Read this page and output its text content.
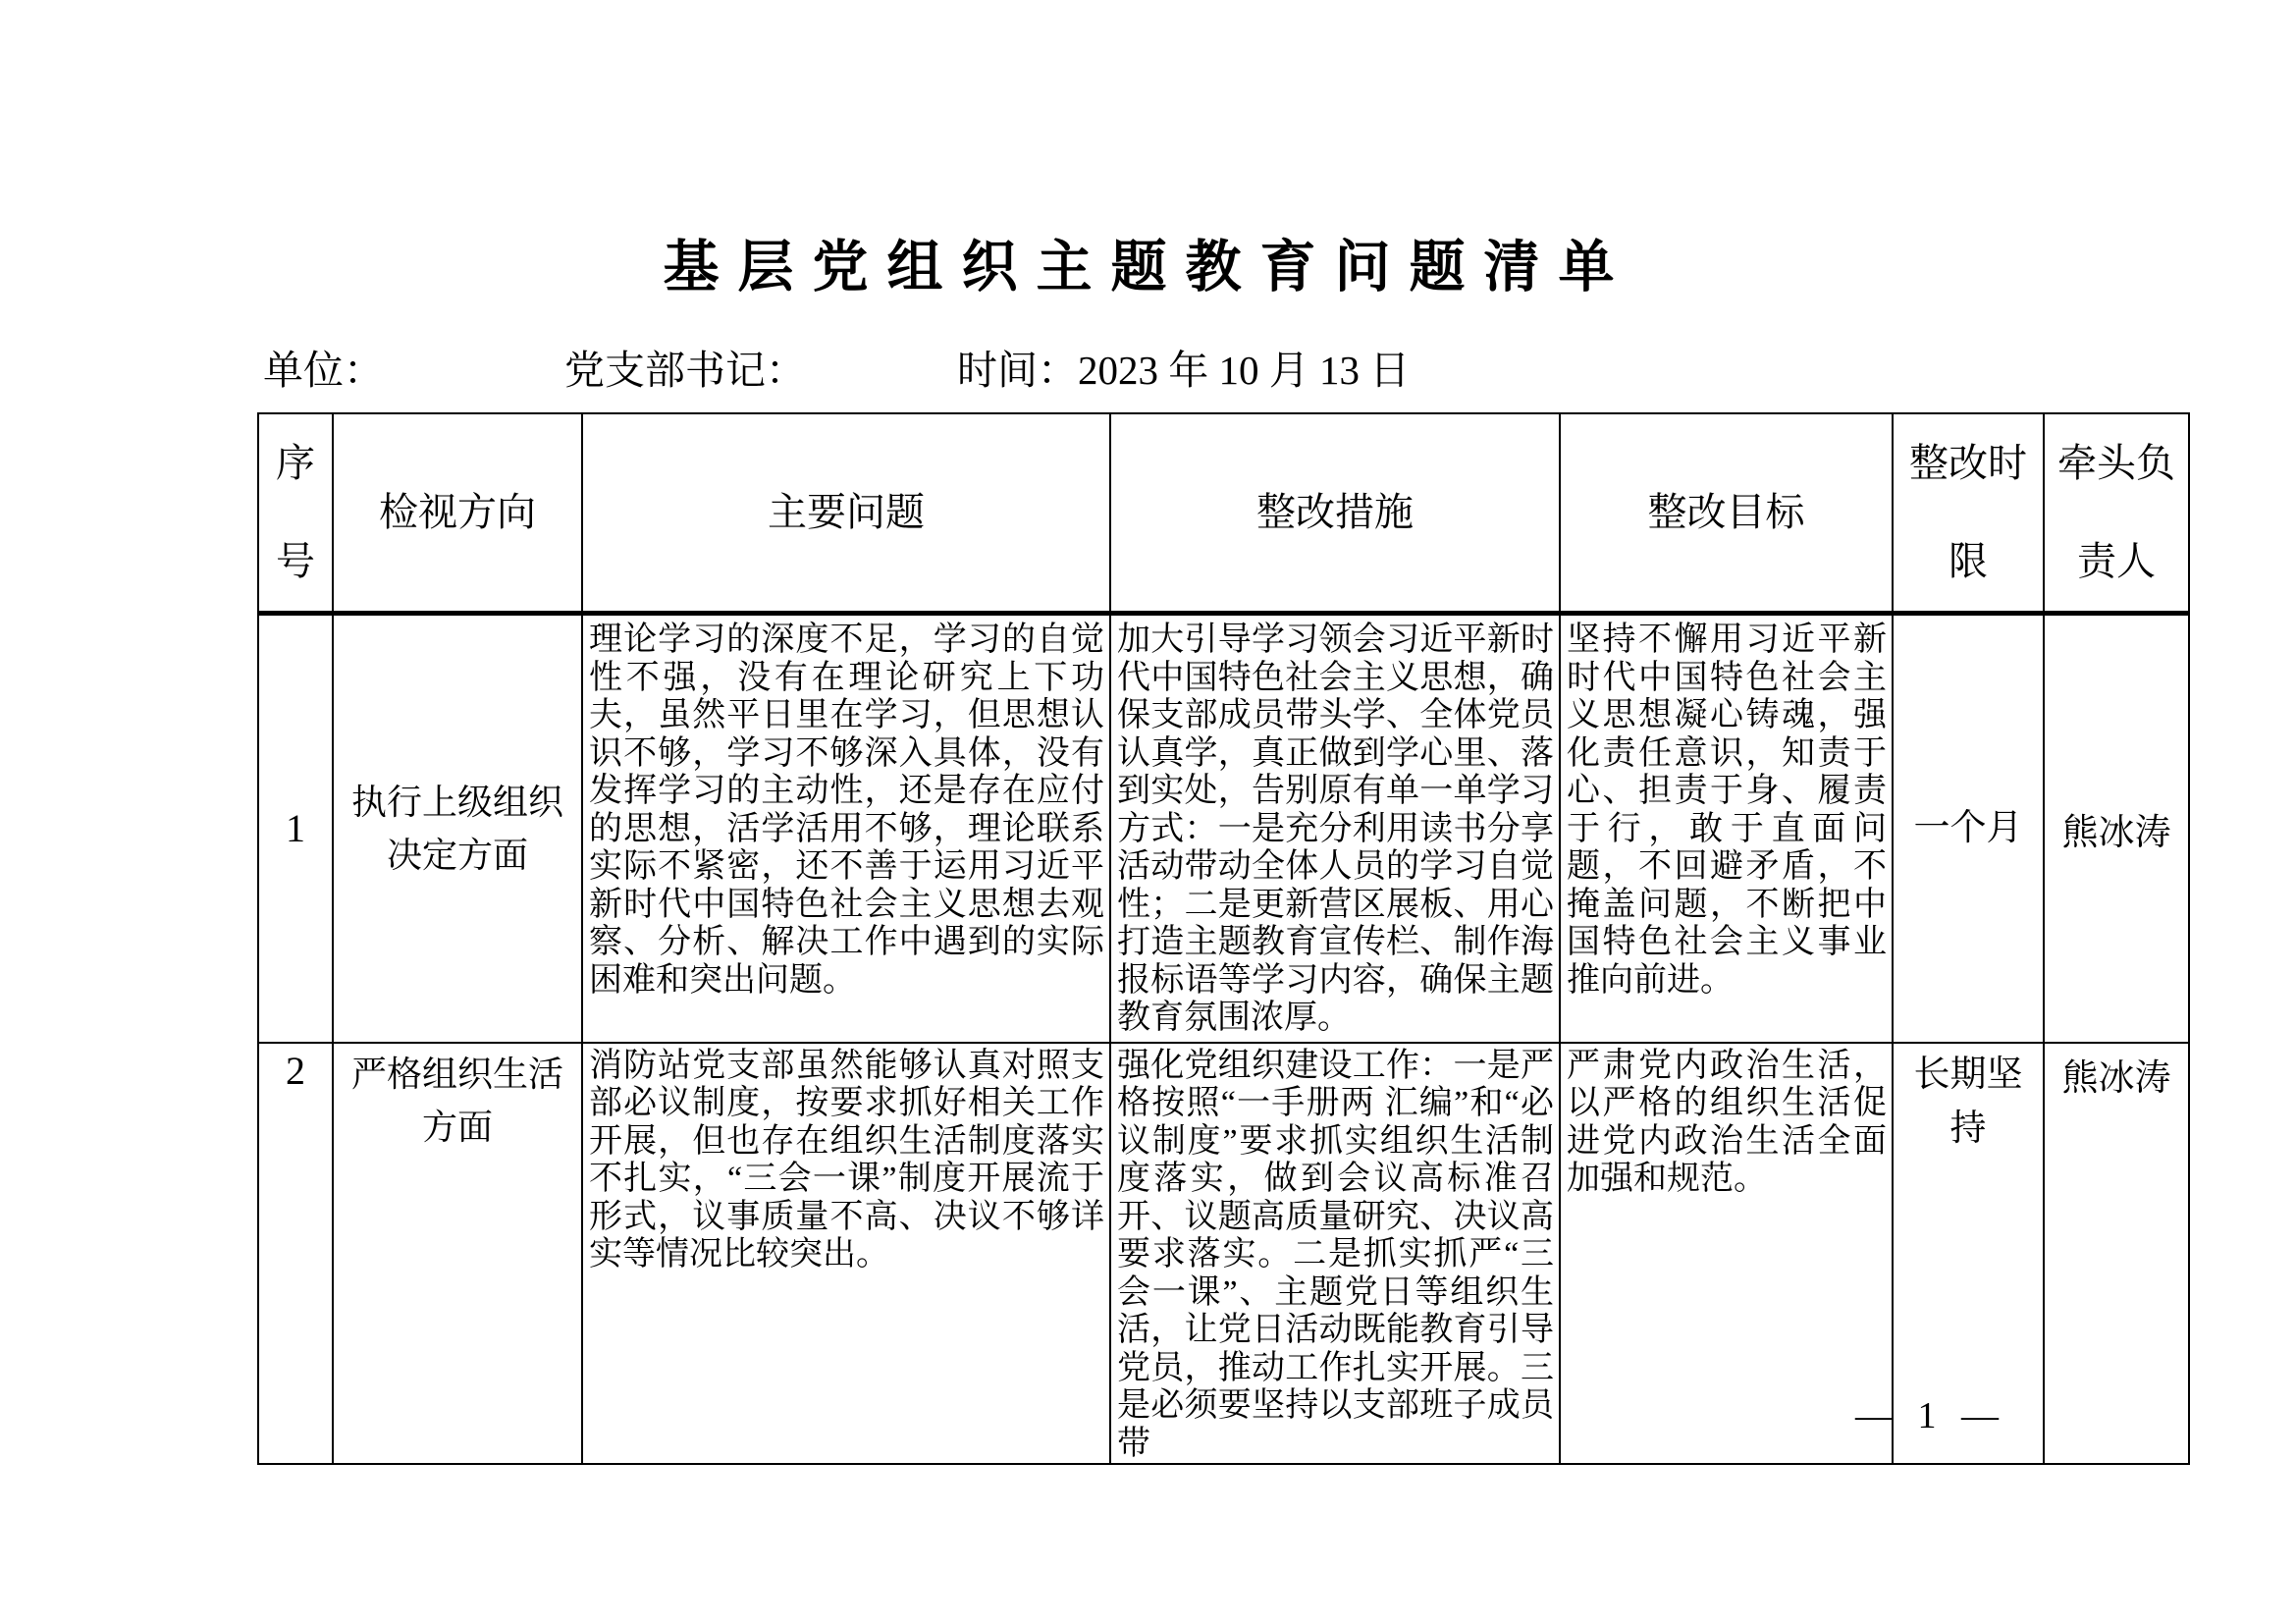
基层党组织主题教育问题清单
单位：	党支部书记：	时间：2023 年 10 月 13 日
序号	检视方向	主要问题	整改措施	整改目标	整改时限	牵头负责人
1	执行上级组织决定方面	理论学习的深度不足，学习的自觉性不强，没有在理论研究上下功夫，虽然平日里在学习，但思想认识不够，学习不够深入具体，没有发挥学习的主动性，还是存在应付的思想，活学活用不够，理论联系实际不紧密，还不善于运用习近平新时代中国特色社会主义思想去观察、分析、解决工作中遇到的实际困难和突出问题。	加大引导学习领会习近平新时代中国特色社会主义思想，确保支部成员带头学、全体党员认真学，真正做到学心里、落到实处，告别原有单一单学习方式：一是充分利用读书分享活动带动全体人员的学习自觉性；二是更新营区展板、用心打造主题教育宣传栏、制作海报标语等学习内容，确保主题教育氛围浓厚。	坚持不懈用习近平新时代中国特色社会主义思想凝心铸魂，强化责任意识，知责于心、担责于身、履责于行，敢于直面问题，不回避矛盾，不掩盖问题，不断把中国特色社会主义事业推向前进。	一个月	熊冰涛
2	严格组织生活方面	消防站党支部虽然能够认真对照支部必议制度，按要求抓好相关工作开展，但也存在组织生活制度落实不扎实，“三会一课”制度开展流于形式，议事质量不高、决议不够详实等情况比较突出。	强化党组织建设工作：一是严格按照“一手册两 汇编”和“必议制度”要求抓实组织生活制度落实，做到会议高标准召开、议题高质量研究、决议高要求落实。二是抓实抓严“三会一课”、主题党日等组织生活，让党日活动既能教育引导党员，推动工作扎实开展。三是必须要坚持以支部班子成员带	严肃党内政治生活，以严格的组织生活促进党内政治生活全面加强和规范。	长期坚持	熊冰涛
— 1 —
